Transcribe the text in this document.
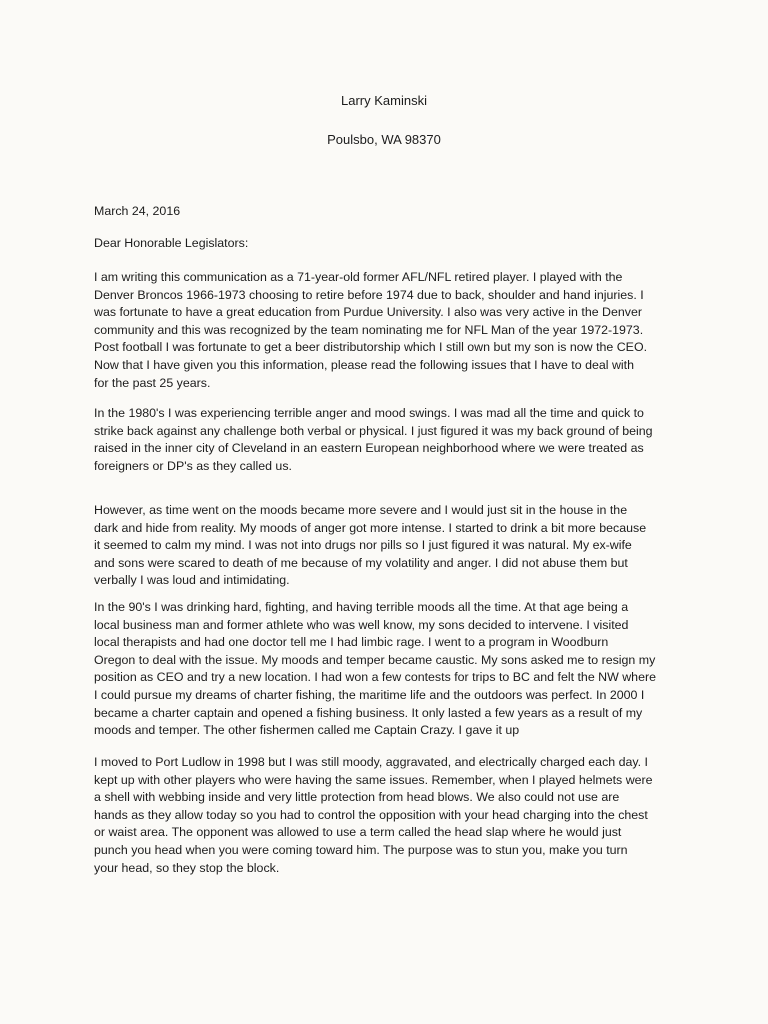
Larry Kaminski
Poulsbo, WA 98370
March 24, 2016
Dear Honorable Legislators:
I am writing this communication as a 71-year-old former AFL/NFL retired player. I played with the
Denver Broncos 1966-1973 choosing to retire before 1974 due to back, shoulder and hand injuries. I
was fortunate to have a great education from Purdue University. I also was very active in the Denver
community and this was recognized by the team nominating me for NFL Man of the year 1972-1973.
Post football I was fortunate to get a beer distributorship which I still own but my son is now the CEO.
Now that I have given you this information, please read the following issues that I have to deal with
for the past 25 years.
In the 1980's I was experiencing terrible anger and mood swings. I was mad all the time and quick to
strike back against any challenge both verbal or physical. I just figured it was my back ground of being
raised in the inner city of Cleveland in an eastern European neighborhood where we were treated as
foreigners or DP's as they called us.
However, as time went on the moods became more severe and I would just sit in the house in the
dark and hide from reality. My moods of anger got more intense. I started to drink a bit more because
it seemed to calm my mind. I was not into drugs nor pills so I just figured it was natural. My ex-wife
and sons were scared to death of me because of my volatility and anger. I did not abuse them but
verbally I was loud and intimidating.
In the 90's I was drinking hard, fighting, and having terrible moods all the time. At that age being a
local business man and former athlete who was well know, my sons decided to intervene. I visited
local therapists and had one doctor tell me I had limbic rage. I went to a program in Woodburn
Oregon to deal with the issue. My moods and temper became caustic. My sons asked me to resign my
position as CEO and try a new location. I had won a few contests for trips to BC and felt the NW where
I could pursue my dreams of charter fishing, the maritime life and the outdoors was perfect. In 2000 I
became a charter captain and opened a fishing business. It only lasted a few years as a result of my
moods and temper. The other fishermen called me Captain Crazy. I gave it up
I moved to Port Ludlow in 1998 but I was still moody, aggravated, and electrically charged each day. I
kept up with other players who were having the same issues. Remember, when I played helmets were
a shell with webbing inside and very little protection from head blows. We also could not use are
hands as they allow today so you had to control the opposition with your head charging into the chest
or waist area. The opponent was allowed to use a term called the head slap where he would just
punch you head when you were coming toward him. The purpose was to stun you, make you turn
your head, so they stop the block.
